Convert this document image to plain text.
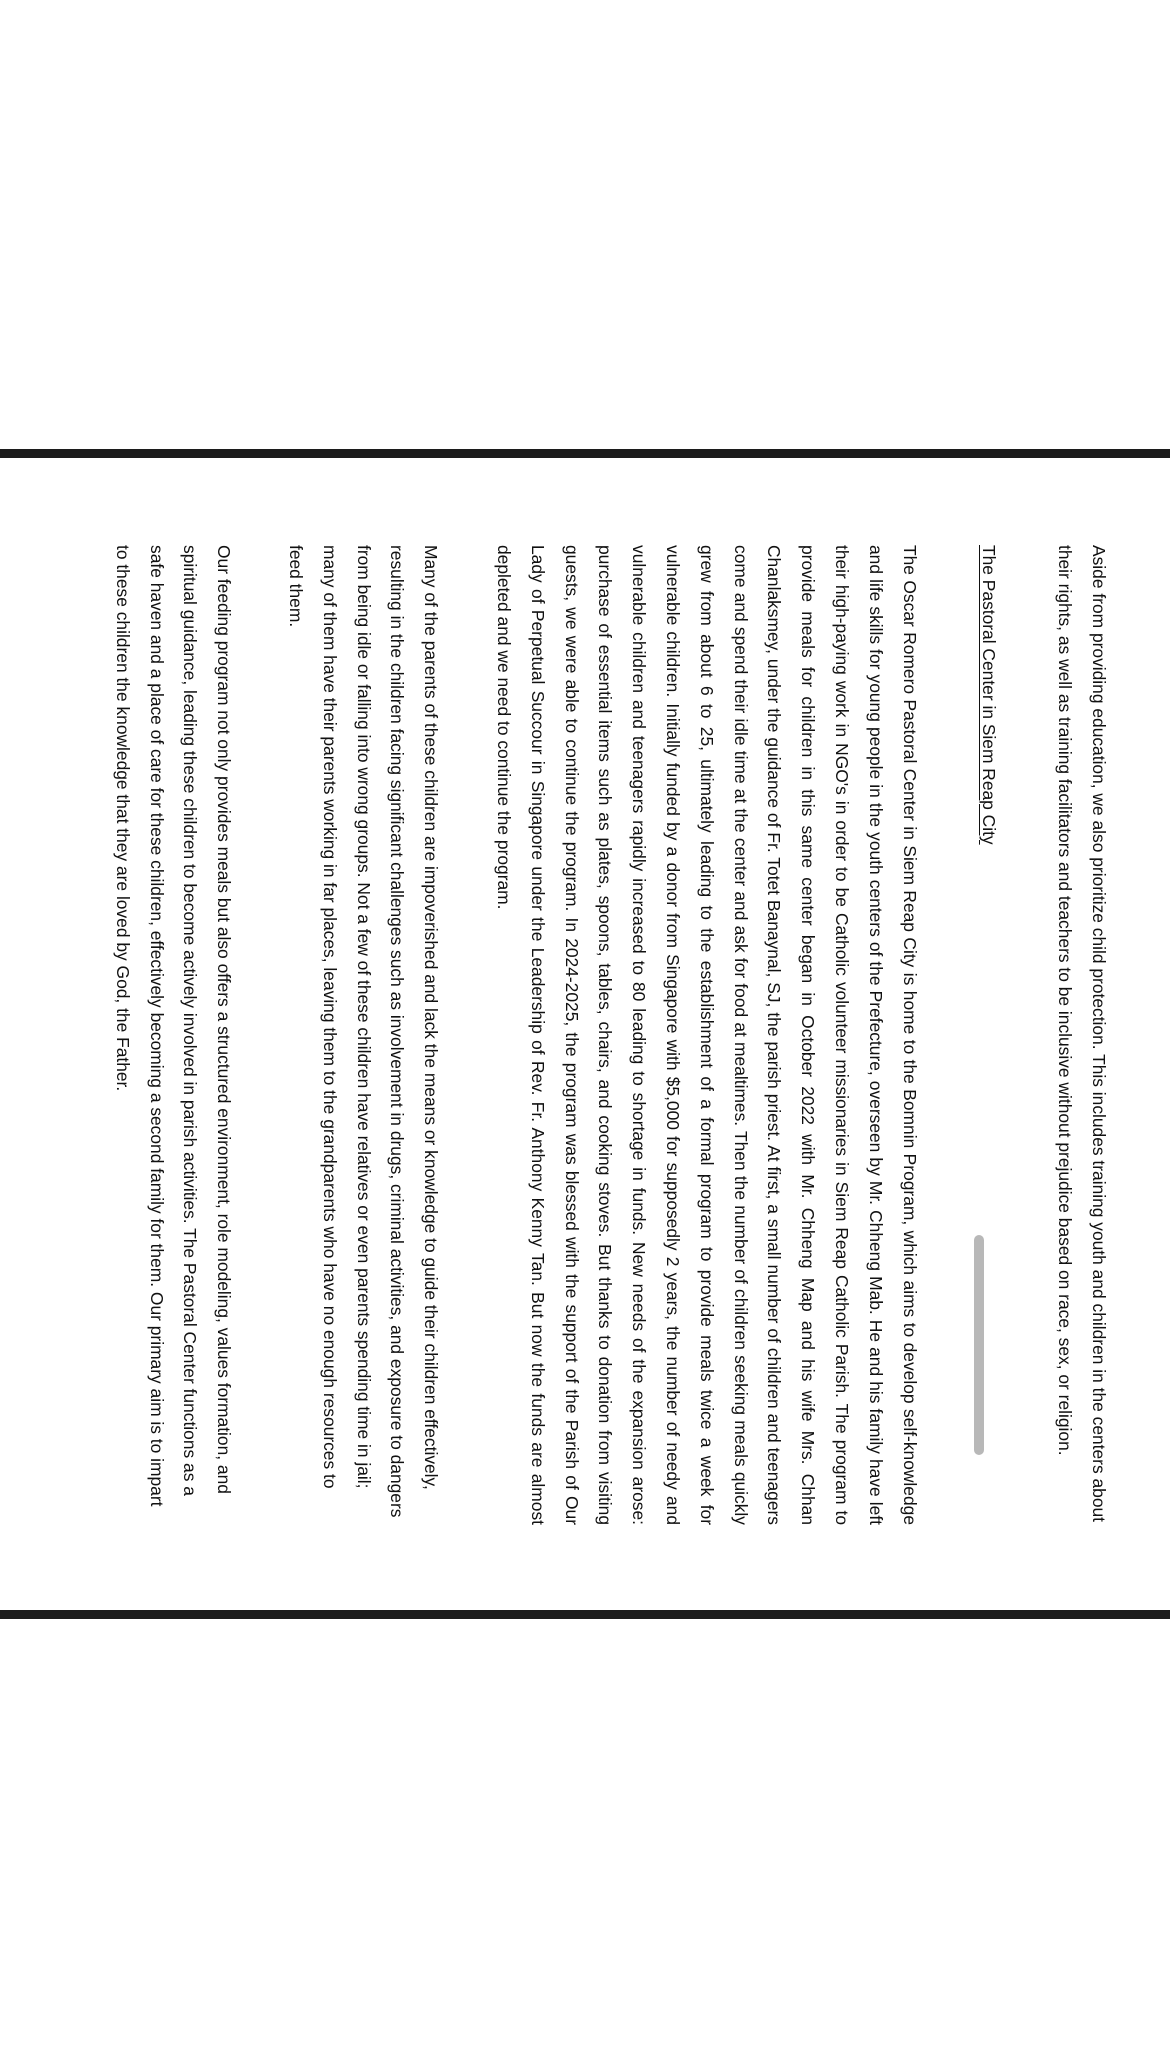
Aside from providing education, we also prioritize child protection. This includes training youth and children in the centers about their rights, as well as training facilitators and teachers to be inclusive without prejudice based on race, sex, or religion.

The Pastoral Center in Siem Reap City

The Oscar Romero Pastoral Center in Siem Reap City is home to the Bomnin Program, which aims to develop self-knowledge and life skills for young people in the youth centers of the Prefecture, overseen by Mr. Chheng Mab. He and his family have left their high-paying work in NGO's in order to be Catholic volunteer missionaries in Siem Reap Catholic Parish. The program to provide meals for children in this same center began in October 2022 with Mr. Chheng Map and his wife Mrs. Chhan Chanlaksmey, under the guidance of Fr. Totet Banaynal, SJ, the parish priest. At first, a small number of children and teenagers come and spend their idle time at the center and ask for food at mealtimes. Then the number of children seeking meals quickly grew from about 6 to 25, ultimately leading to the establishment of a formal program to provide meals twice a week for vulnerable children. Initially funded by a donor from Singapore with $5,000 for supposedly 2 years, the number of needy and vulnerable children and teenagers rapidly increased to 80 leading to shortage in funds. New needs of the expansion arose: purchase of essential items such as plates, spoons, tables, chairs, and cooking stoves. But thanks to donation from visiting guests, we were able to continue the program. In 2024-2025, the program was blessed with the support of the Parish of Our Lady of Perpetual Succour in Singapore under the Leadership of Rev. Fr. Anthony Kenny Tan. But now the funds are almost depleted and we need to continue the program.

Many of the parents of these children are impoverished and lack the means or knowledge to guide their children effectively, resulting in the children facing significant challenges such as involvement in drugs, criminal activities, and exposure to dangers from being idle or falling into wrong groups. Not a few of these children have relatives or even parents spending time in jail; many of them have their parents working in far places, leaving them to the grandparents who have no enough resources to feed them.

Our feeding program not only provides meals but also offers a structured environment, role modeling, values formation, and spiritual guidance, leading these children to become actively involved in parish activities. The Pastoral Center functions as a safe haven and a place of care for these children, effectively becoming a second family for them. Our primary aim is to impart to these children the knowledge that they are loved by God, the Father.
